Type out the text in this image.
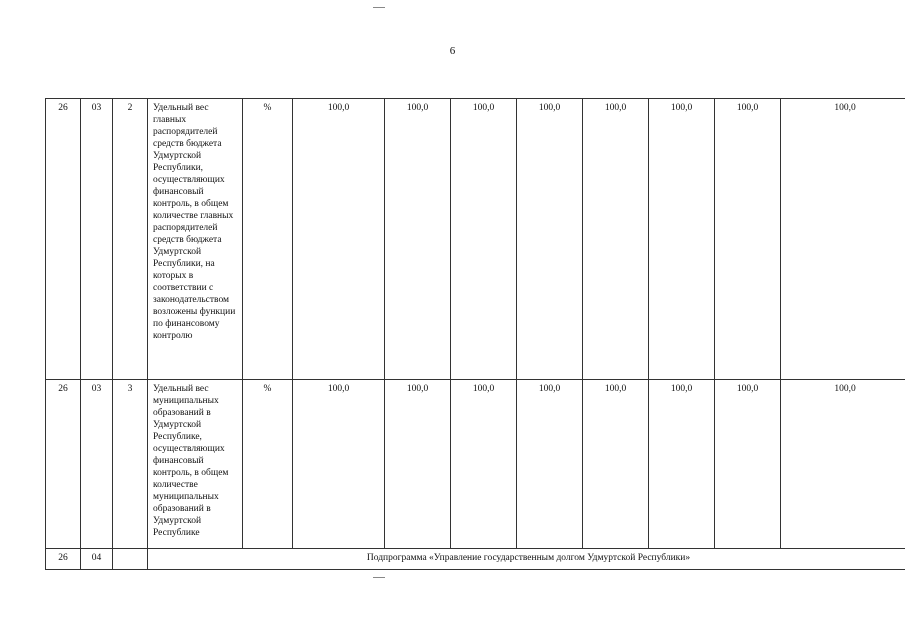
6
26	03	2	Удельный вес главных распорядителей средств бюджета Удмуртской Республики, осуществляющих финансовый контроль, в общем количестве главных распорядителей средств бюджета Удмуртской Республики, на которых в соответствии с законодательством возложены функции по финансовому контролю	%	100,0	100,0	100,0	100,0	100,0	100,0	100,0	100,0
26	03	3	Удельный вес муниципальных образований в Удмуртской Республике, осуществляющих финансовый контроль, в общем количестве муниципальных образований в Удмуртской Республике	%	100,0	100,0	100,0	100,0	100,0	100,0	100,0	100,0
26	04		Подпрограмма «Управление государственным долгом Удмуртской Республики»									
